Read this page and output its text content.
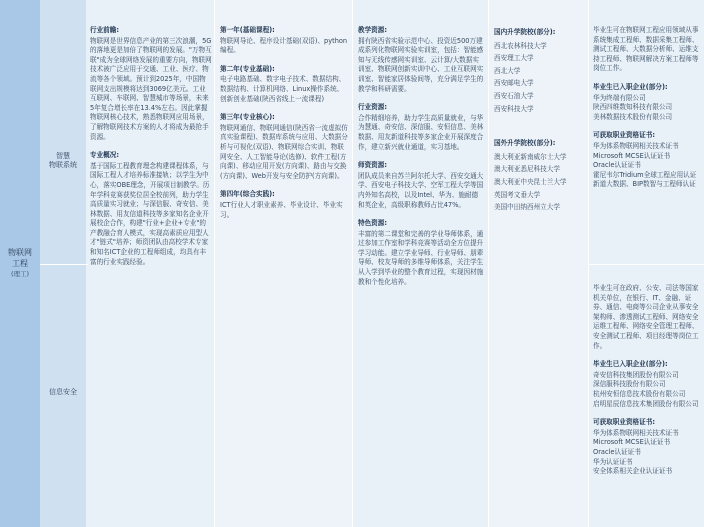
物联网
工程
(理工)
智慧
物联系统
信息安全
行业前瞻:

物联网是世界信息产业的第三次浪潮，5G的落地更是加倍了物联网的发展。"万物互联"成为全球网络发展的重要方向，物联网技术被广泛应用于交通、工业、医疗、物流等各个领域。预计到2025年，中国物联网支出规模将达到3069亿美元。工业互联网、车联网、智慧城市等场景，未来5年复合增长率在13.4%左右。因此掌握物联网核心技术，熟悉物联网应用场景，了解物联网技术方案的人才将成为最抢手资源。

专业概况:

基于国际工程教育理念构建课程体系，与国际工程人才培养标准接轨；以学生为中心，落实OBE理念，开展项目制教学。历年学科竞赛获奖位居全校前列，助力学生高质量实习就业；与深信服、奇安信、美林数据、用友信道科技等多家知名企业开展校企合作，构建"行业+企业+专业"的产教融合育人模式，实现高素质应用型人才"链式"培养；师资团队由高校学术专家和知名ICT企业的工程师组成，均具有丰富的行业实践经验。

第一年(基础课程):

物联网导论、程序设计基础(双语)、python编程。

第二年(专业基础):

电子电路基础、数字电子技术、数据结构、数据结构、计算机网络、Linux操作系统、创新创业基础(陕西省线上一流课程)

第三年(专业核心):

物联网通信、物联网通信(陕西省一流虚拟仿真实验课程)、数据库系统与应用、大数据分析与可视化(双语)、物联网综合实训、物联网安全、人工智能导论(选修)、软件工程(方向课)、移动应用开发(方向课)、路由与交换(方向课)、Web开发与安全防护(方向课)。

第四年(综合实践):

ICT行业人才职业素养、毕业设计、毕业实习。

教学资源:

拥有陕西省实验示范中心、投资近500万建成系列化物联网实验实训室，包括：智能感知与无线传感网实训室、云计算/大数据实训室、物联网创新实训中心、工业互联网实训室、智能家居体验间等，充分满足学生的教学和科研需要。

行业资源:

合作精细培养，助力学生高质量就业，与华为慧通、奇安信、深信服、安恒信息、美林数据、用友新道科技等多家企业开展深度合作，建立新兴就业通道，实习基地。

师资资源:

团队成员来自苏兰阿尔托大学、西安交通大学、西安电子科技大学、空军工程大学等国内外知名高校，以及Intel、华为、施耐德和英企业，高级职称教师占比47%。

特色资源:

丰富的第二课堂和完善的学业导师体系，通过参加工作室和学科竞赛等活动全方位提升学习动能。建立学业导师、行业导师、朋辈导师、校友导师的多维导师体系，关注学生从入学到毕业的整个教育过程，实现因材施教和个性化培养。

国内升学院校(部分):
西北农林科技大学
西安理工大学
西北大学
西安邮电大学
西安石油大学
西安科技大学
国外升学院校(部分):
澳大利亚新南威尔士大学
澳大利亚悉尼科技大学
澳大利亚中央昆士兰大学
英国考文垂大学
美国中田纳西州立大学

毕业生可在物联网工程应用领域从事系统集成工程师、数据采集工程师、测试工程师、大数据分析师、运维支持工程师、物联网解决方案工程师等岗位工作。

毕业生已入职企业(部分):

华为终端有限公司
陕西四维数知科技有限公司
美林数据技术股份有限公司

可获取职业资格证书:

华为体系物联网相关技术证书
Microsoft MCSE认证证书
Oracle认证证书
霍尼韦尔Tridium全球工程应用认证
新道大数据、BIP数智与工程师认证

毕业生可在政府、公安、司法等国家机关单位，在银行、IT、金融、证券、通信、电商等公司企业从事安全架构师、渗透测试工程师、网络安全运维工程师、网络安全管理工程师、安全测试工程师、项目经理等岗位工作。

毕业生已入职企业(部分):

奇安信科技集团股份有限公司
深信服科技股份有限公司
杭州安恒信息技术股份有限公司
启明星辰信息技术集团股份有限公司

可获取职业资格证书:

华为体系物联网相关技术证书
Microsoft MCSE认证证书
Oracle认证证书
华为认证证书
安全体系相关企业认证证书
